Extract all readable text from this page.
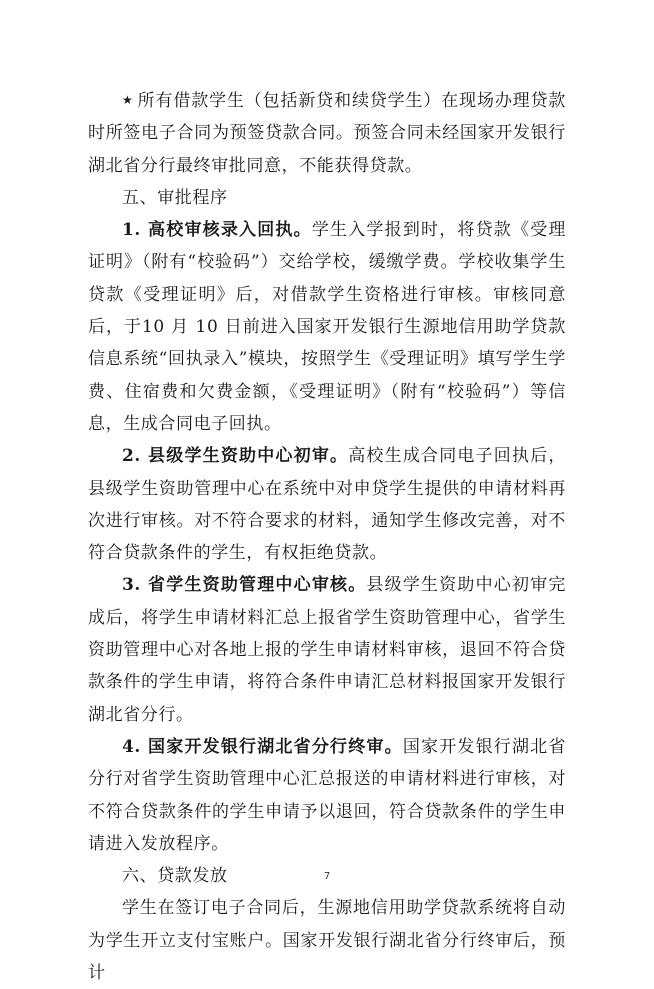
★ 所有借款学生（包括新贷和续贷学生）在现场办理贷款时所签电子合同为预签贷款合同。预签合同未经国家开发银行湖北省分行最终审批同意，不能获得贷款。

五、审批程序

1. 高校审核录入回执。学生入学报到时，将贷款《受理证明》（附有“校验码”）交给学校，缓缴学费。学校收集学生贷款《受理证明》后，对借款学生资格进行审核。审核同意后，于10 月 10 日前进入国家开发银行生源地信用助学贷款信息系统“回执录入”模块，按照学生《受理证明》填写学生学费、住宿费和欠费金额，《受理证明》（附有“校验码”）等信息，生成合同电子回执。

2. 县级学生资助中心初审。高校生成合同电子回执后，县级学生资助管理中心在系统中对申贷学生提供的申请材料再次进行审核。对不符合要求的材料，通知学生修改完善，对不符合贷款条件的学生，有权拒绝贷款。

3. 省学生资助管理中心审核。县级学生资助中心初审完成后，将学生申请材料汇总上报省学生资助管理中心，省学生资助管理中心对各地上报的学生申请材料审核，退回不符合贷款条件的学生申请，将符合条件申请汇总材料报国家开发银行湖北省分行。

4. 国家开发银行湖北省分行终审。国家开发银行湖北省分行对省学生资助管理中心汇总报送的申请材料进行审核，对不符合贷款条件的学生申请予以退回，符合贷款条件的学生申请进入发放程序。

六、贷款发放

学生在签订电子合同后，生源地信用助学贷款系统将自动为学生开立支付宝账户。国家开发银行湖北省分行终审后，预计

7
